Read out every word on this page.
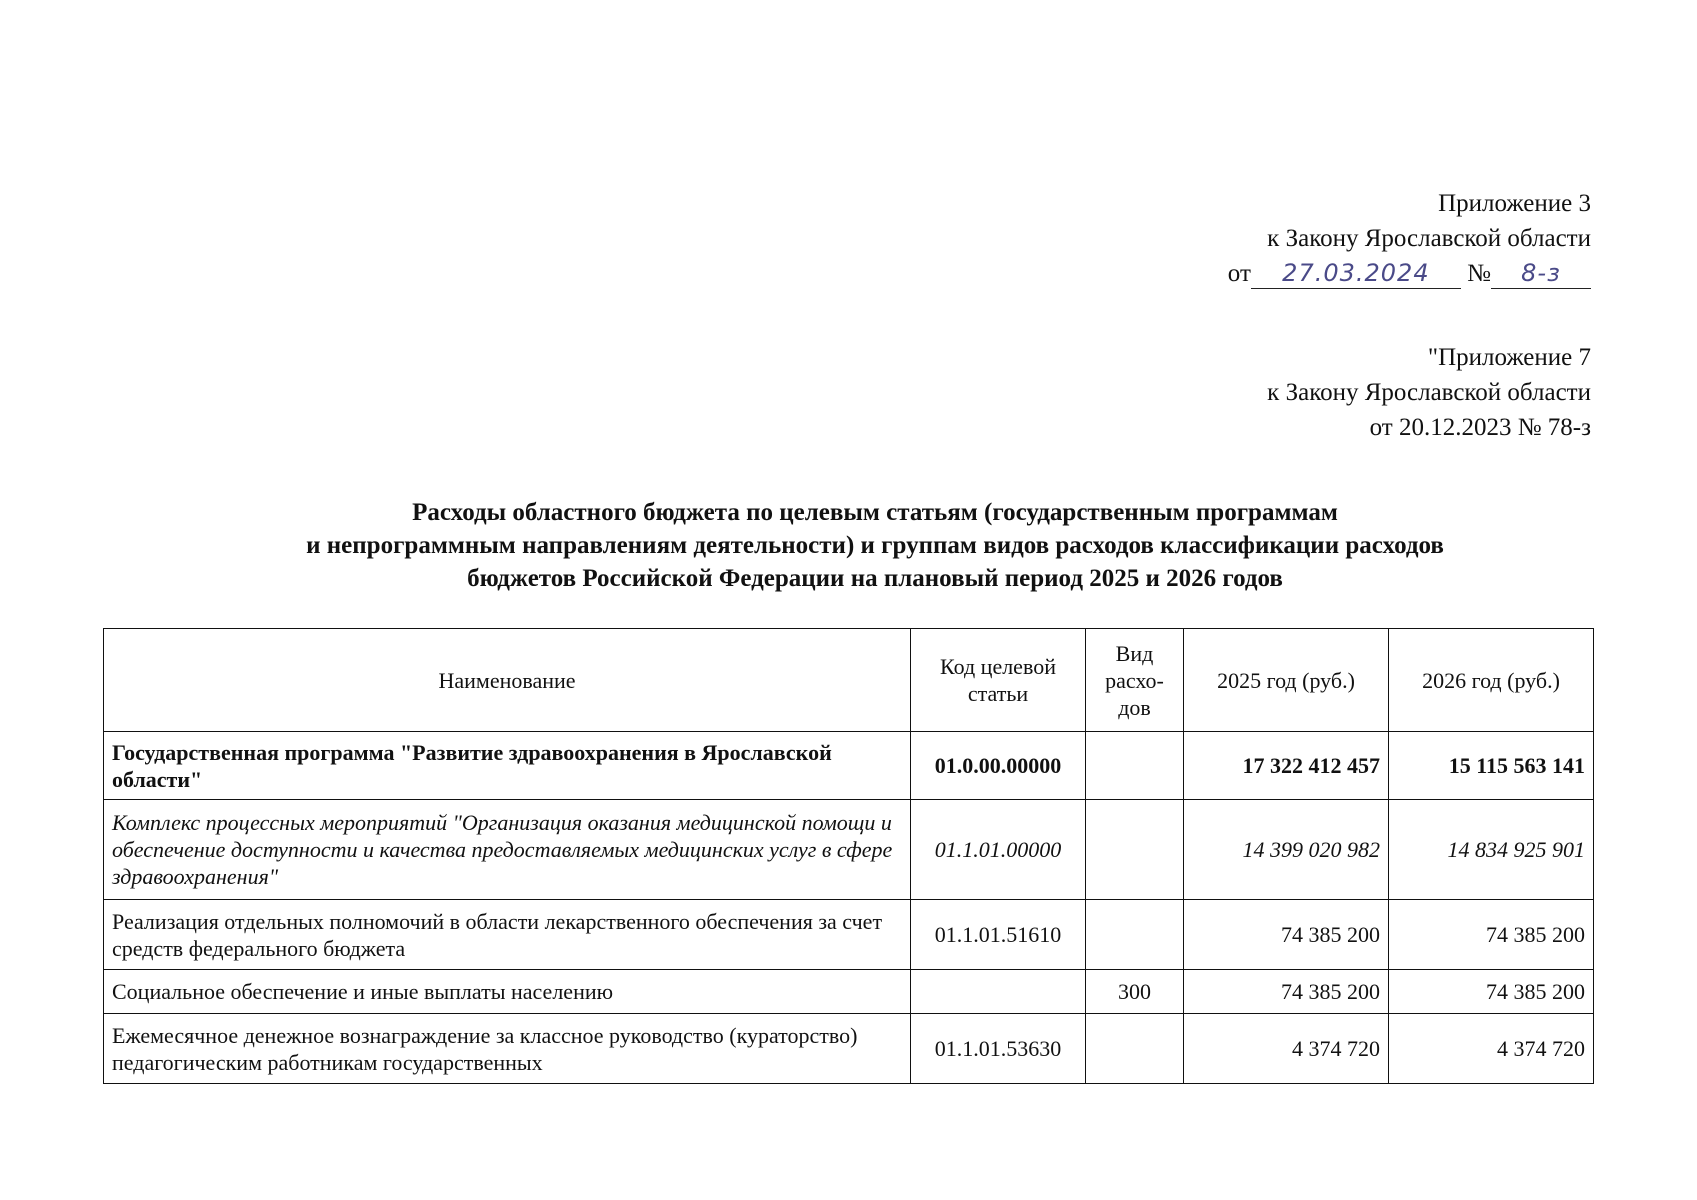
Приложение 3
к Закону Ярославской области
от 27.03.2024 № 8-з
"Приложение 7
к Закону Ярославской области
от 20.12.2023 № 78-з
Расходы областного бюджета по целевым статьям (государственным программам
и непрограммным направлениям деятельности) и группам видов расходов классификации расходов
бюджетов Российской Федерации на плановый период 2025 и 2026 годов
Наименование	Код целевой статьи	Вид расхо- дов	2025 год (руб.)	2026 год (руб.)
Государственная программа "Развитие здравоохранения в Ярославской области"	01.0.00.00000		17 322 412 457	15 115 563 141
Комплекс процессных мероприятий "Организация оказания медицинской помощи и обеспечение доступности и качества предоставляемых медицинских услуг в сфере здравоохранения"	01.1.01.00000		14 399 020 982	14 834 925 901
Реализация отдельных полномочий в области лекарственного обеспечения за счет средств федерального бюджета	01.1.01.51610		74 385 200	74 385 200
Социальное обеспечение и иные выплаты населению		300	74 385 200	74 385 200
Ежемесячное денежное вознаграждение за классное руководство (кураторство) педагогическим работникам государственных	01.1.01.53630		4 374 720	4 374 720
